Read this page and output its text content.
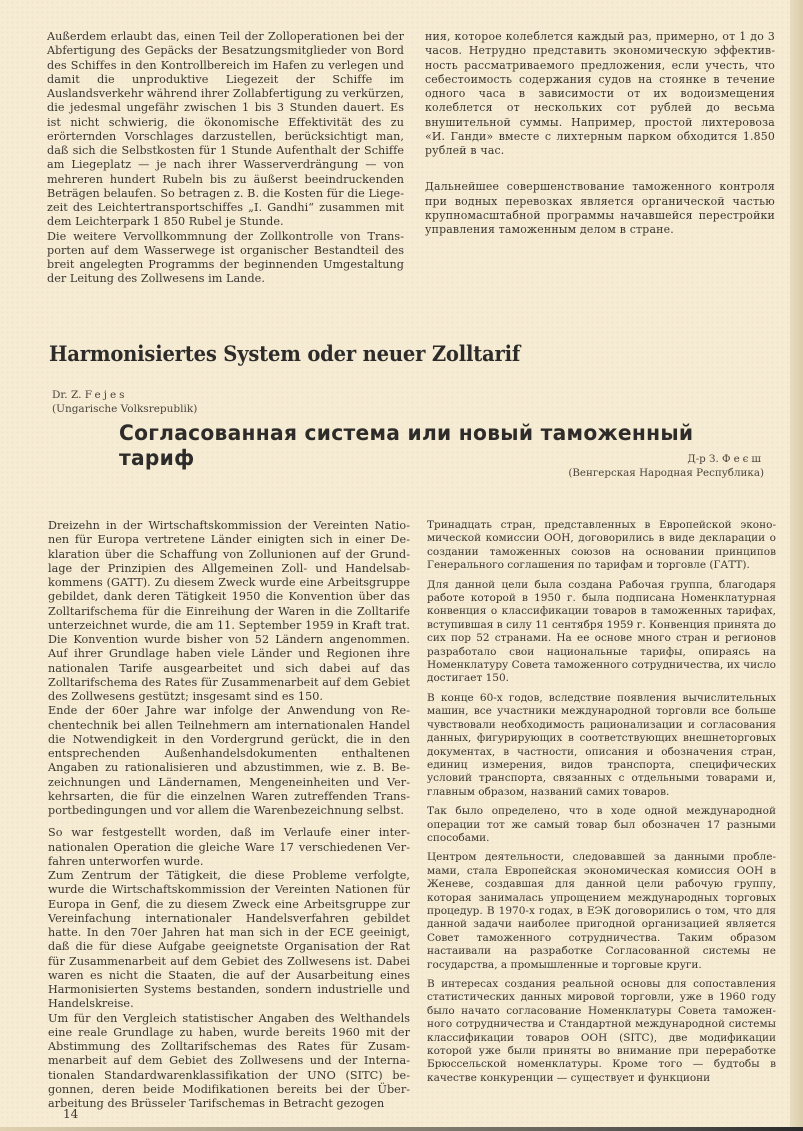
Außerdem erlaubt das, einen Teil der Zolloperationen bei der Abfertigung des Gepäcks der Besatzungsmitglieder von Bord des Schiffes in den Kontrollbereich im Hafen zu verlegen und damit die unproduktive Liegezeit der Schiffe im Auslandsverkehr während ihrer Zollabfertigung zu verkürzen, die jedesmal ungefähr zwischen 1 bis 3 Stunden dauert. Es ist nicht schwierig, die ökonomische Effektivität des zu erörternden Vorschlages darzustellen, berücksichtigt man, daß sich die Selbstkosten für 1 Stunde Aufenthalt der Schiffe am Liegeplatz — je nach ihrer Wasserverdrängung — von mehreren hundert Rubeln bis zu äußerst beeindruckenden Beträgen belaufen. So betragen z. B. die Kosten für die Liegezeit des Leichtertransportschiffes „I. Gandhi“ zusammen mit dem Leichterpark 1 850 Rubel je Stunde.

Die weitere Vervollkommnung der Zollkontrolle von Transporten auf dem Wasserwege ist organischer Bestandteil des breit angelegten Programms der beginnenden Umgestaltung der Leitung des Zollwesens im Lande.

ния, которое колеблется каждый раз, примерно, от 1 до 3 часов. Нетрудно представить экономическую эффективность рассматриваемого предложения, если учесть, что себестоимость содержания судов на стоянке в течение одного часа в зависимости от их водоизмещения колеблется от нескольких сот рублей до весьма внушительной суммы. Например, простой лихтеровоза «И. Ганди» вместе с лихтерным парком обходится 1.850 рублей в час.

Дальнейшее совершенствование таможенного контроля при водных перевозках является органической частью крупномасштабной программы начавшейся перестройки управления таможенным делом в стране.

Harmonisiertes System oder neuer Zolltarif
Dr. Z. Fejes
(Ungarische Volksrepublik)
Согласованная система или новый таможенный тариф	Д-р З. Феєш
(Венгерская Народная Республика)

Dreizehn in der Wirtschaftskommission der Vereinten Nationen für Europa vertretene Länder einigten sich in einer Deklaration über die Schaffung von Zollunionen auf der Grundlage der Prinzipien des Allgemeinen Zoll- und Handelsabkommens (GATT). Zu diesem Zweck wurde eine Arbeitsgruppe gebildet, dank deren Tätigkeit 1950 die Konvention über das Zolltarifschema für die Einreihung der Waren in die Zolltarife unterzeichnet wurde, die am 11. September 1959 in Kraft trat. Die Konvention wurde bisher von 52 Ländern angenommen. Auf ihrer Grundlage haben viele Länder und Regionen ihre nationalen Tarife ausgearbeitet und sich dabei auf das Zolltarifschema des Rates für Zusammenarbeit auf dem Gebiet des Zollwesens gestützt; insgesamt sind es 150.

Ende der 60er Jahre war infolge der Anwendung von Rechentechnik bei allen Teilnehmern am internationalen Handel die Notwendigkeit in den Vordergrund gerückt, die in den entsprechenden Außenhandelsdokumenten enthaltenen Angaben zu rationalisieren und abzustimmen, wie z. B. Bezeichnungen und Ländernamen, Mengeneinheiten und Verkehrsarten, die für die einzelnen Waren zutreffenden Transportbedingungen und vor allem die Warenbezeichnung selbst.

So war festgestellt worden, daß im Verlaufe einer internationalen Operation die gleiche Ware 17 verschiedenen Verfahren unterworfen wurde.

Zum Zentrum der Tätigkeit, die diese Probleme verfolgte, wurde die Wirtschaftskommission der Vereinten Nationen für Europa in Genf, die zu diesem Zweck eine Arbeitsgruppe zur Vereinfachung internationaler Handelsverfahren gebildet hatte. In den 70er Jahren hat man sich in der ECE geeinigt, daß die für diese Aufgabe geeignetste Organisation der Rat für Zusammenarbeit auf dem Gebiet des Zollwesens ist. Dabei waren es nicht die Staaten, die auf der Ausarbeitung eines Harmonisierten Systems bestanden, sondern industrielle und Handelskreise.

Um für den Vergleich statistischer Angaben des Welthandels eine reale Grundlage zu haben, wurde bereits 1960 mit der Abstimmung des Zolltarifschemas des Rates für Zusammenarbeit auf dem Gebiet des Zollwesens und der Internationalen Standardwarenklassifikation der UNO (SITC) begonnen, deren beide Modifikationen bereits bei der Überarbeitung des Brüsseler Tarifschemas in Betracht gezogen

Тринадцать стран, представленных в Европейской экономической комиссии ООН, договорились в виде декларации о создании таможенных союзов на основании принципов Генерального соглашения по тарифам и торговле (ГАТТ).

Для данной цели была создана Рабочая группа, благодаря работе которой в 1950 г. была подписана Номенклатурная конвенция о классификации товаров в таможенных тарифах, вступившая в силу 11 сентября 1959 г. Конвенция принята до сих пор 52 странами. На ее основе много стран и регионов разработало свои национальные тарифы, опираясь на Номенклатуру Совета таможенного сотрудничества, их число достигает 150.

В конце 60-х годов, вследствие появления вычислительных машин, все участники международной торговли все больше чувствовали необходимость рационализации и согласования данных, фигурирующих в соответствующих внешнеторговых документах, в частности, описания и обозначения стран, единиц измерения, видов транспорта, специфических условий транспорта, связанных с отдельными товарами и, главным образом, названий самих товаров.

Так было определено, что в ходе одной международной операции тот же самый товар был обозначен 17 разными способами.

Центром деятельности, следовавшей за данными проблемами, стала Европейская экономическая комиссия ООН в Женеве, создавшая для данной цели рабочую группу, которая занималась упрощением международных торговых процедур. В 1970-х годах, в ЕЭК договорились о том, что для данной задачи наиболее пригодной организацией является Совет таможенного сотрудничества. Таким образом настаивали на разработке Согласованной системы не государства, а промышленные и торговые круги.

В интересах создания реальной основы для сопоставления статистических данных мировой торговли, уже в 1960 году было начато согласование Номенклатуры Совета таможенного сотрудничества и Стандартной международной системы классификации товаров ООН (SITC), две модификации которой уже были приняты во внимание при переработке Брюссельской номенклатуры. Кроме того — будтобы в качестве конкуренции — существует и функциони

14
